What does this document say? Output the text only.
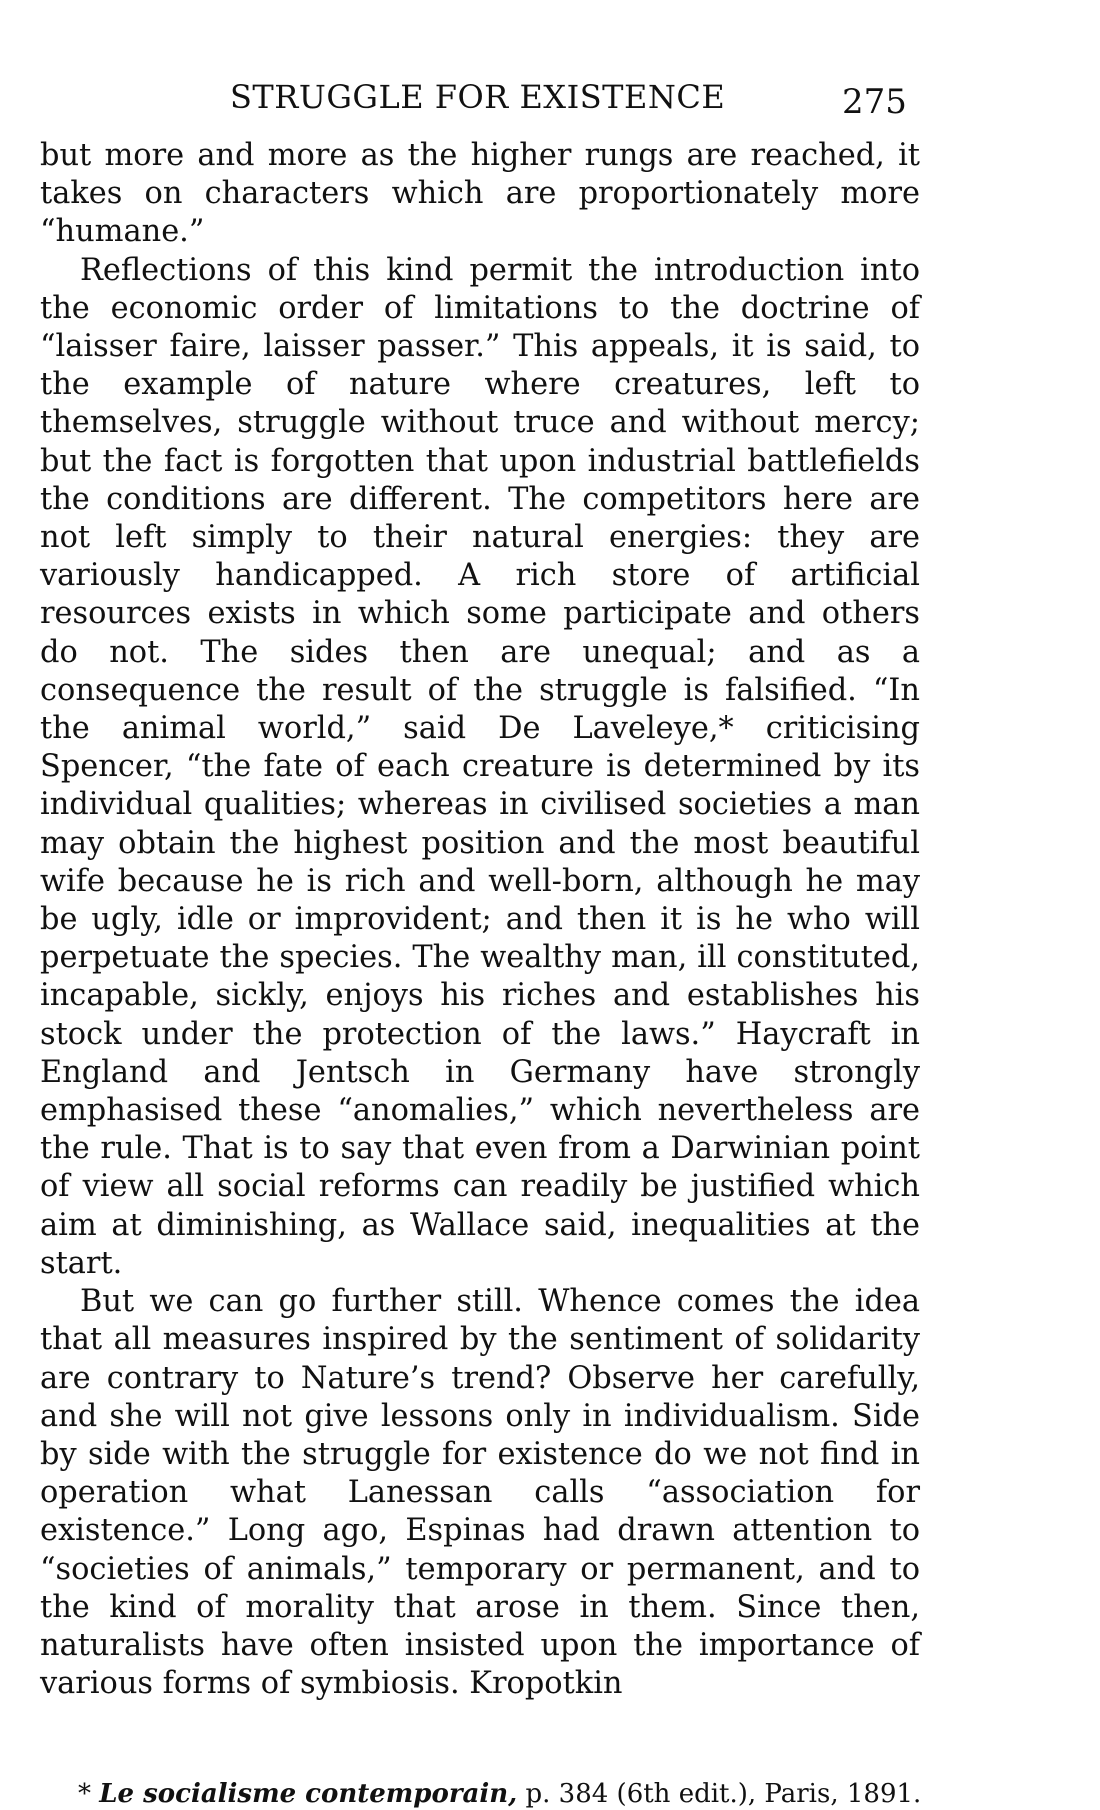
STRUGGLE FOR EXISTENCE	275

but more and more as the higher rungs are reached, it takes on characters which are proportionately more “humane.”

Reflections of this kind permit the introduction into the economic order of limitations to the doctrine of “laisser faire, laisser passer.” This appeals, it is said, to the example of nature where creatures, left to themselves, struggle without truce and without mercy; but the fact is forgotten that upon industrial battlefields the conditions are different. The competitors here are not left simply to their natural energies: they are variously handicapped. A rich store of artificial resources exists in which some participate and others do not. The sides then are unequal; and as a consequence the result of the struggle is falsified. “In the animal world,” said De Laveleye,* criticising Spencer, “the fate of each creature is determined by its individual qualities; whereas in civilised societies a man may obtain the highest position and the most beautiful wife because he is rich and well-born, although he may be ugly, idle or improvident; and then it is he who will perpetuate the species. The wealthy man, ill constituted, incapable, sickly, enjoys his riches and establishes his stock under the protection of the laws.” Haycraft in England and Jentsch in Germany have strongly emphasised these “anomalies,” which nevertheless are the rule. That is to say that even from a Darwinian point of view all social reforms can readily be justified which aim at diminishing, as Wallace said, inequalities at the start.

But we can go further still. Whence comes the idea that all measures inspired by the sentiment of solidarity are contrary to Nature’s trend? Observe her carefully, and she will not give lessons only in individualism. Side by side with the struggle for existence do we not find in operation what Lanessan calls “association for existence.” Long ago, Espinas had drawn attention to “societies of animals,” temporary or permanent, and to the kind of morality that arose in them. Since then, naturalists have often insisted upon the importance of various forms of symbiosis. Kropotkin

* Le socialisme contemporain, p. 384 (6th edit.), Paris, 1891.
